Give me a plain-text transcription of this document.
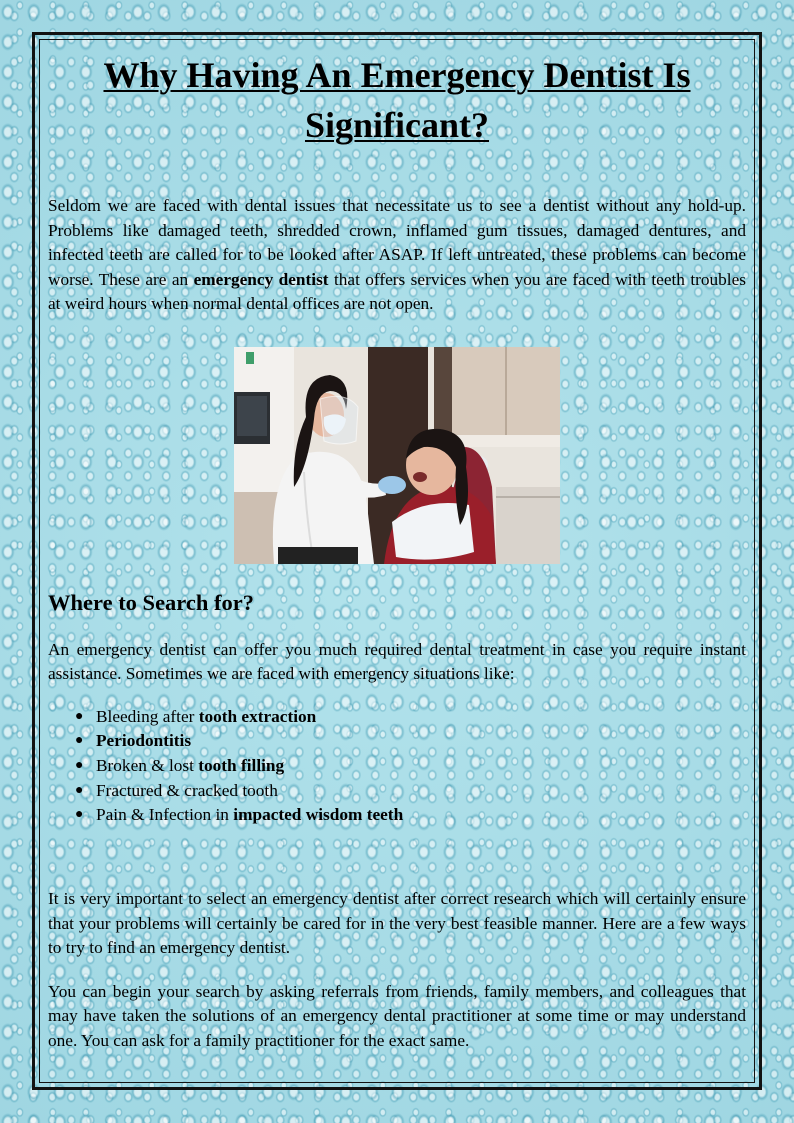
Why Having An Emergency Dentist Is Significant?

Seldom we are faced with dental issues that necessitate us to see a dentist without any hold-up. Problems like damaged teeth, shredded crown, inflamed gum tissues, damaged dentures, and infected teeth are called for to be looked after ASAP. If left untreated, these problems can become worse. These are an emergency dentist that offers services when you are faced with teeth troubles at weird hours when normal dental offices are not open.

Where to Search for?

An emergency dentist can offer you much required dental treatment in case you require instant assistance. Sometimes we are faced with emergency situations like:

● Bleeding after tooth extraction
● Periodontitis
● Broken & lost tooth filling
● Fractured & cracked tooth
● Pain & Infection in impacted wisdom teeth

It is very important to select an emergency dentist after correct research which will certainly ensure that your problems will certainly be cared for in the very best feasible manner. Here are a few ways to try to find an emergency dentist.

You can begin your search by asking referrals from friends, family members, and colleagues that may have taken the solutions of an emergency dental practitioner at some time or may understand one. You can ask for a family practitioner for the exact same.
